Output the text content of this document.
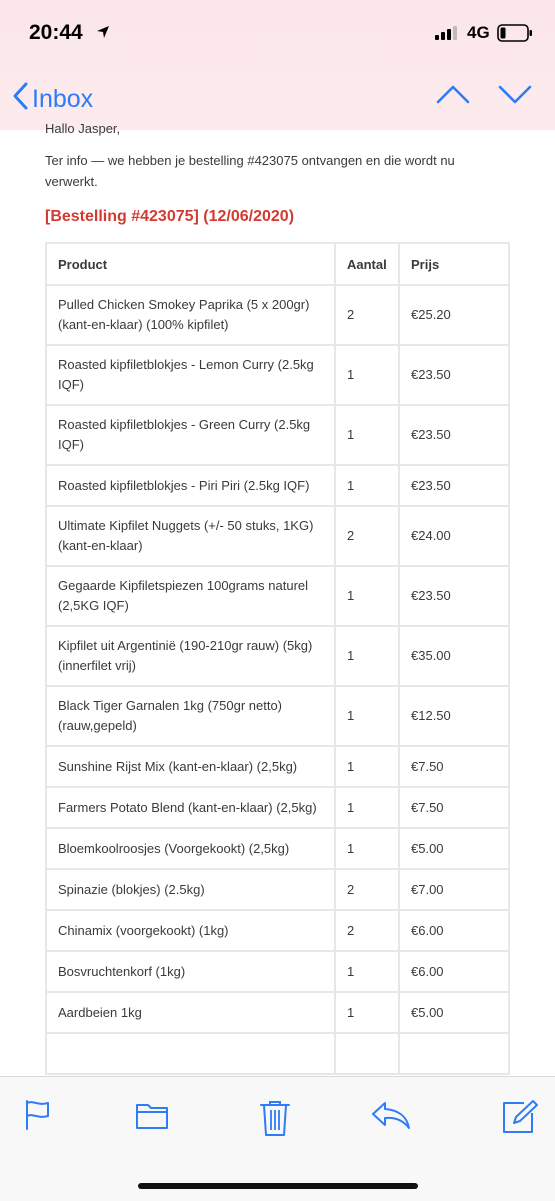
20:44	4G
Inbox
Hallo Jasper,
Ter info — we hebben je bestelling #423075 ontvangen en die wordt nu verwerkt.
[Bestelling #423075] (12/06/2020)
Product	Aantal	Prijs
Pulled Chicken Smokey Paprika (5 x 200gr) (kant-en-klaar) (100% kipfilet)	2	€25.20
Roasted kipfiletblokjes - Lemon Curry (2.5kg IQF)	1	€23.50
Roasted kipfiletblokjes - Green Curry (2.5kg IQF)	1	€23.50
Roasted kipfiletblokjes - Piri Piri (2.5kg IQF)	1	€23.50
Ultimate Kipfilet Nuggets (+/- 50 stuks, 1KG) (kant-en-klaar)	2	€24.00
Gegaarde Kipfiletspiezen 100grams naturel (2,5KG IQF)	1	€23.50
Kipfilet uit Argentinië (190-210gr rauw) (5kg) (innerfilet vrij)	1	€35.00
Black Tiger Garnalen 1kg (750gr netto) (rauw,gepeld)	1	€12.50
Sunshine Rijst Mix (kant-en-klaar) (2,5kg)	1	€7.50
Farmers Potato Blend (kant-en-klaar) (2,5kg)	1	€7.50
Bloemkoolroosjes (Voorgekookt) (2,5kg)	1	€5.00
Spinazie (blokjes) (2.5kg)	2	€7.00
Chinamix (voorgekookt) (1kg)	2	€6.00
Bosvruchtenkorf (1kg)	1	€6.00
Aardbeien 1kg	1	€5.00
